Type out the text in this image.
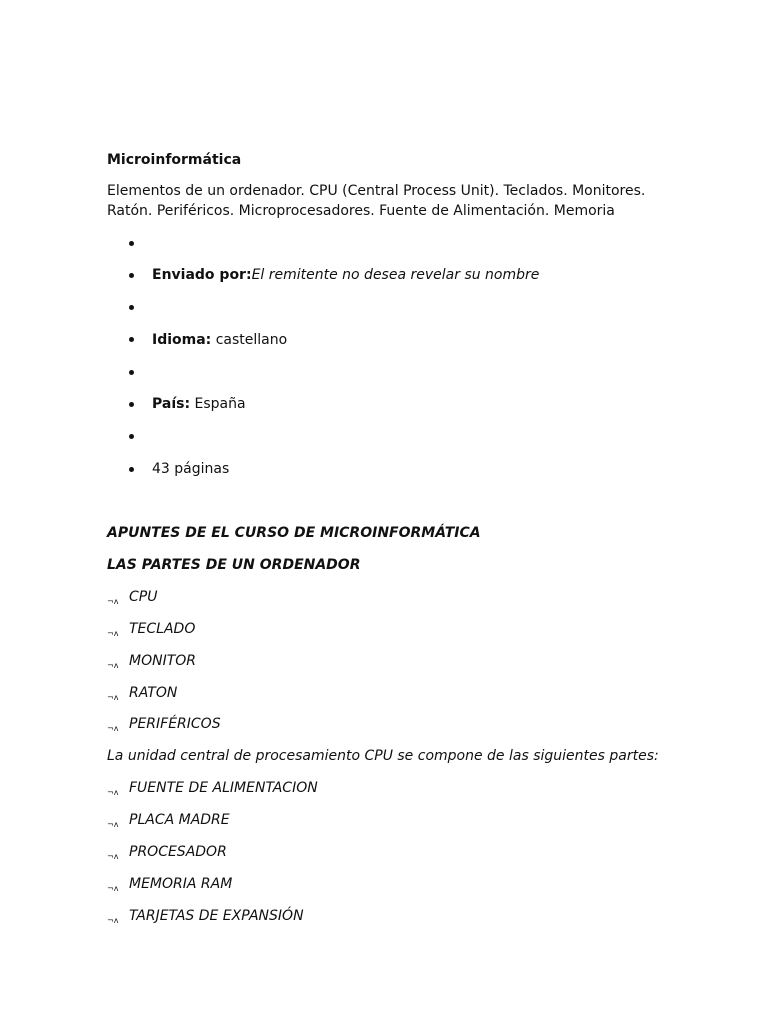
Microinformática

Elementos de un ordenador. CPU (Central Process Unit). Teclados. Monitores. Ratón. Periféricos. Microprocesadores. Fuente de Alimentación. Memoria

Enviado por:El remitente no desea revelar su nombre
Idioma: castellano
País: España
43 páginas
APUNTES DE EL CURSO DE MICROINFORMÁTICA
LAS PARTES DE UN ORDENADOR
¬ʌ CPU
¬ʌ TECLADO
¬ʌ MONITOR
¬ʌ RATON
¬ʌ PERIFÉRICOS
La unidad central de procesamiento CPU se compone de las siguientes partes:
¬ʌ FUENTE DE ALIMENTACION
¬ʌ PLACA MADRE
¬ʌ PROCESADOR
¬ʌ MEMORIA RAM
¬ʌ TARJETAS DE EXPANSIÓN
